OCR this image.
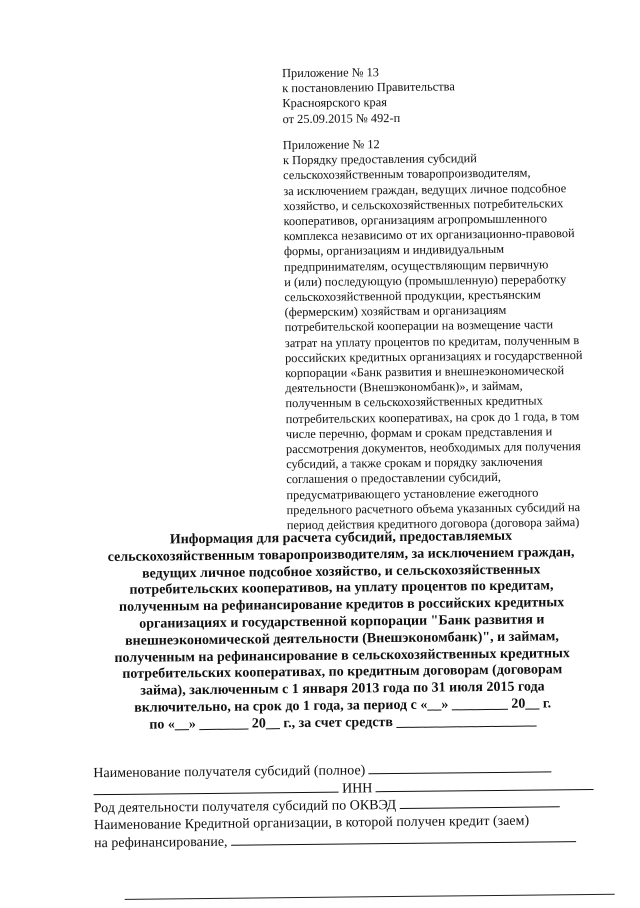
Приложение № 13
к постановлению Правительства
Красноярского края
от 25.09.2015 № 492-п
Приложение № 12
к Порядку предоставления субсидий
сельскохозяйственным товаропроизводителям,
за исключением граждан, ведущих личное подсобное
хозяйство, и сельскохозяйственных потребительских
кооперативов, организациям агропромышленного
комплекса независимо от их организационно-правовой
формы, организациям и индивидуальным
предпринимателям, осуществляющим первичную
и (или) последующую (промышленную) переработку
сельскохозяйственной продукции, крестьянским
(фермерским) хозяйствам и организациям
потребительской кооперации на возмещение части
затрат на уплату процентов по кредитам, полученным в
российских кредитных организациях и государственной
корпорации «Банк развития и внешнеэкономической
деятельности (Внешэкономбанк)», и займам,
полученным в сельскохозяйственных кредитных
потребительских кооперативах, на срок до 1 года, в том
числе перечню, формам и срокам представления и
рассмотрения документов, необходимых для получения
субсидий, а также срокам и порядку заключения
соглашения о предоставлении субсидий,
предусматривающего установление ежегодного
предельного расчетного объема указанных субсидий на
период действия кредитного договора (договора займа)
Информация для расчета субсидий, предоставляемых
сельскохозяйственным товаропроизводителям, за исключением граждан,
ведущих личное подсобное хозяйство, и сельскохозяйственных
потребительских кооперативов, на уплату процентов по кредитам,
полученным на рефинансирование кредитов в российских кредитных
организациях и государственной корпорации "Банк развития и
внешнеэкономической деятельности (Внешэкономбанк)", и займам,
полученным на рефинансирование в сельскохозяйственных кредитных
потребительских кооперативах, по кредитным договорам (договорам
займа), заключенным с 1 января 2013 года по 31 июля 2015 года
включительно, на срок до 1 года, за период с «__» ________ 20__ г.
по «__» _______ 20__ г., за счет средств ____________________
Наименование получателя субсидий (полное)
ИНН
Род деятельности получателя субсидий по ОКВЭД
Наименование Кредитной организации, в которой получен кредит (заем)
на рефинансирование,
